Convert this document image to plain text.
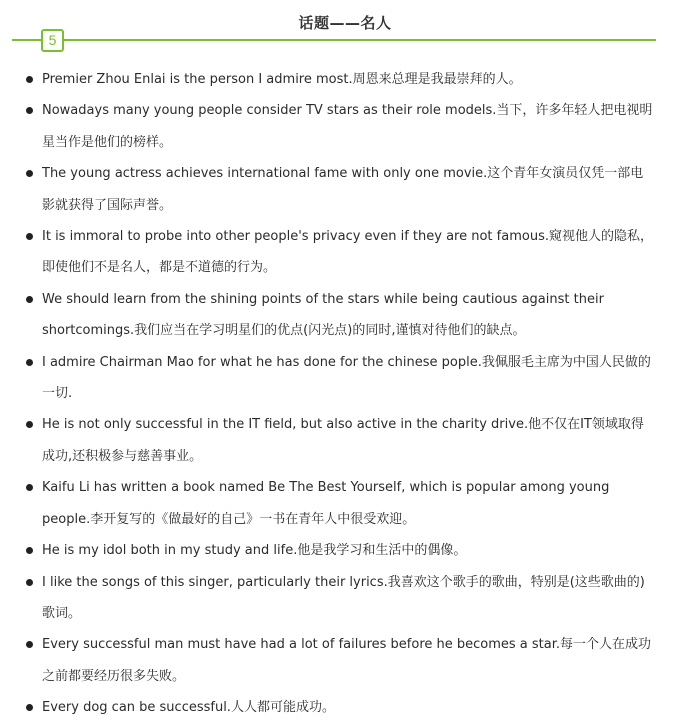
话题——名人
5
Premier Zhou Enlai is the person I admire most.周恩来总理是我最崇拜的人。
Nowadays many young people consider TV stars as their role models.当下，许多年轻人把电视明星当作是他们的榜样。
The young actress achieves international fame with only one movie.这个青年女演员仅凭一部电影就获得了国际声誉。
It is immoral to probe into other people's privacy even if they are not famous.窥视他人的隐私，即使他们不是名人，都是不道德的行为。
We should learn from the shining points of the stars while being cautious against their shortcomings.我们应当在学习明星们的优点(闪光点)的同时,谨慎对待他们的缺点。
I admire Chairman Mao for what he has done for the chinese pople.我佩服毛主席为中国人民做的一切.
He is not only successful in the IT field, but also active in the charity drive.他不仅在IT领域取得成功,还积极参与慈善事业。
Kaifu Li has written a book named Be The Best Yourself, which is popular among young people.李开复写的《做最好的自己》一书在青年人中很受欢迎。
He is my idol both in my study and life.他是我学习和生活中的偶像。
I like the songs of this singer, particularly their lyrics.我喜欢这个歌手的歌曲，特别是(这些歌曲的)歌词。
Every successful man must have had a lot of failures before he becomes a star.每一个人在成功之前都要经历很多失败。
Every dog can be successful.人人都可能成功。
